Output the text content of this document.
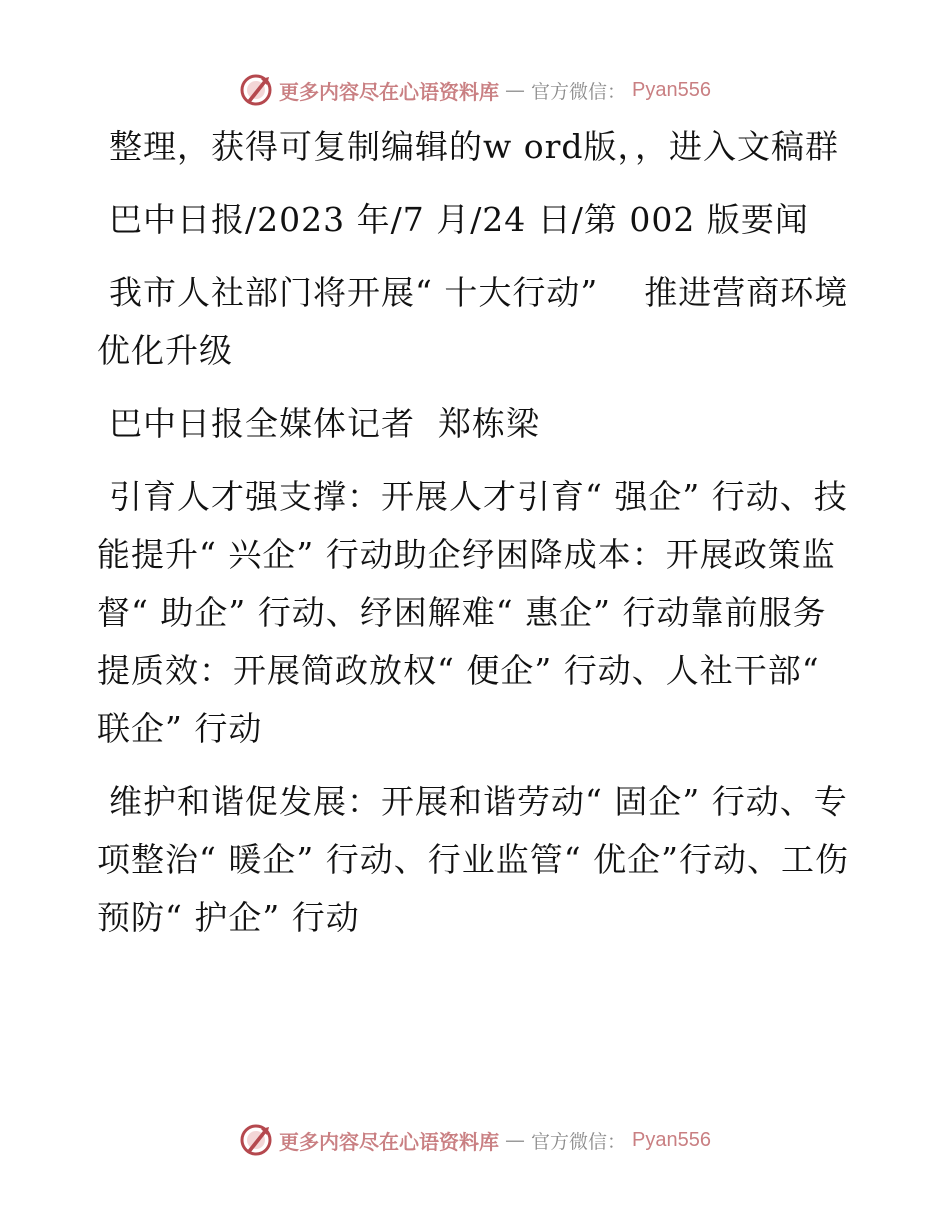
更多内容尽在心语资料库 — 官方微信： Pyan556

整理，获得可复制编辑的w ord版，，进入文稿群

巴中日报/2023 年/7 月/24 日/第 002 版要闻

我市人社部门将开展“ 十大行动”    推进营商环境优化升级

巴中日报全媒体记者  郑栋梁

引育人才强支撑：开展人才引育“ 强企” 行动、技能提升“ 兴企” 行动助企纾困降成本：开展政策监督“ 助企” 行动、纾困解难“ 惠企” 行动靠前服务提质效：开展简政放权“ 便企” 行动、人社干部“ 联企” 行动

维护和谐促发展：开展和谐劳动“ 固企” 行动、专项整治“ 暖企” 行动、行业监管“ 优企”行动、工伤预防“ 护企” 行动

更多内容尽在心语资料库 — 官方微信： Pyan556
